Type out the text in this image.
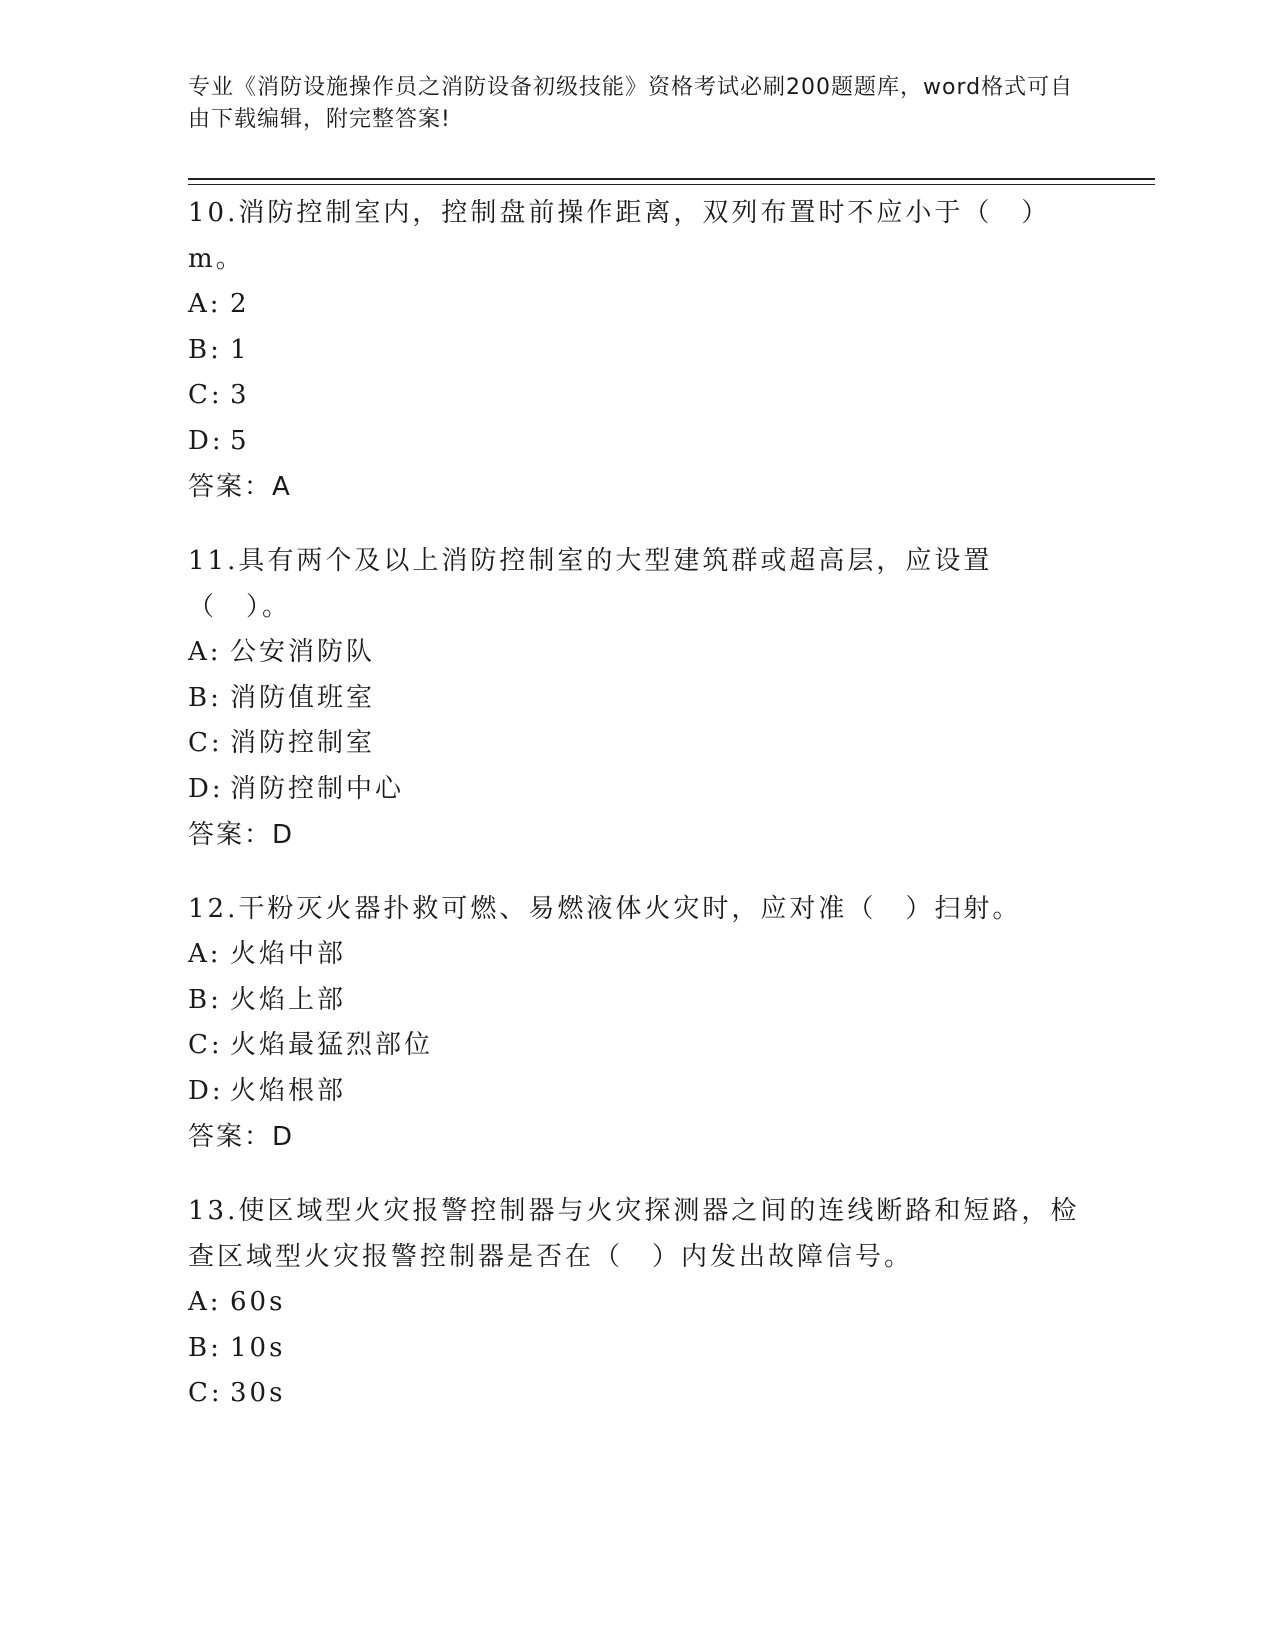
专业《消防设施操作员之消防设备初级技能》资格考试必刷200题题库，word格式可自由下载编辑，附完整答案!

10.消防控制室内，控制盘前操作距离，双列布置时不应小于（　）m。

A: 2

B: 1

C: 3

D: 5

答案：A

11.具有两个及以上消防控制室的大型建筑群或超高层，应设置（　）。

A: 公安消防队

B: 消防值班室

C: 消防控制室

D: 消防控制中心

答案：D

12.干粉灭火器扑救可燃、易燃液体火灾时，应对准（　）扫射。

A: 火焰中部

B: 火焰上部

C: 火焰最猛烈部位

D: 火焰根部

答案：D

13.使区域型火灾报警控制器与火灾探测器之间的连线断路和短路，检查区域型火灾报警控制器是否在（　）内发出故障信号。

A: 60s

B: 10s

C: 30s
